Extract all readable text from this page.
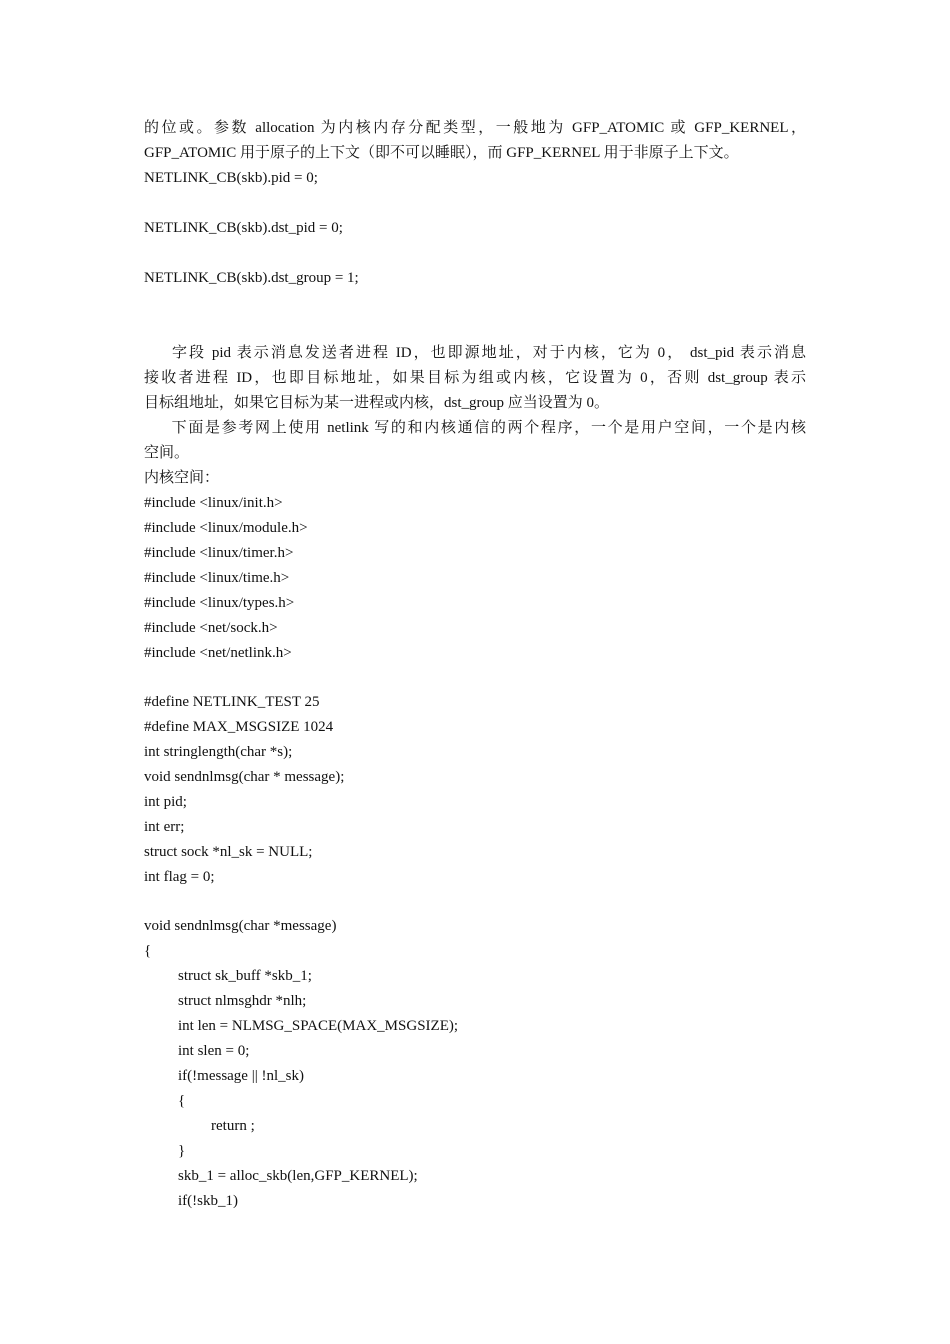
的位或。参数 allocation 为内核内存分配类型，一般地为 GFP_ATOMIC 或 GFP_KERNEL，
GFP_ATOMIC 用于原子的上下文（即不可以睡眠），而 GFP_KERNEL 用于非原子上下文。
NETLINK_CB(skb).pid = 0;
NETLINK_CB(skb).dst_pid = 0;
NETLINK_CB(skb).dst_group = 1;
字段 pid 表示消息发送者进程 ID，也即源地址，对于内核，它为 0， dst_pid 表示消息
接收者进程 ID，也即目标地址，如果目标为组或内核，它设置为 0，否则 dst_group 表示
目标组地址，如果它目标为某一进程或内核，dst_group 应当设置为 0。
下面是参考网上使用 netlink 写的和内核通信的两个程序，一个是用户空间，一个是内核
空间。
内核空间：
#include <linux/init.h>
#include <linux/module.h>
#include <linux/timer.h>
#include <linux/time.h>
#include <linux/types.h>
#include <net/sock.h>
#include <net/netlink.h>
#define NETLINK_TEST 25
#define MAX_MSGSIZE 1024
int stringlength(char *s);
void sendnlmsg(char * message);
int pid;
int err;
struct sock *nl_sk = NULL;
int flag = 0;
void sendnlmsg(char *message)
{
struct sk_buff *skb_1;
struct nlmsghdr *nlh;
int len = NLMSG_SPACE(MAX_MSGSIZE);
int slen = 0;
if(!message || !nl_sk)
{
return ;
}
skb_1 = alloc_skb(len,GFP_KERNEL);
if(!skb_1)
